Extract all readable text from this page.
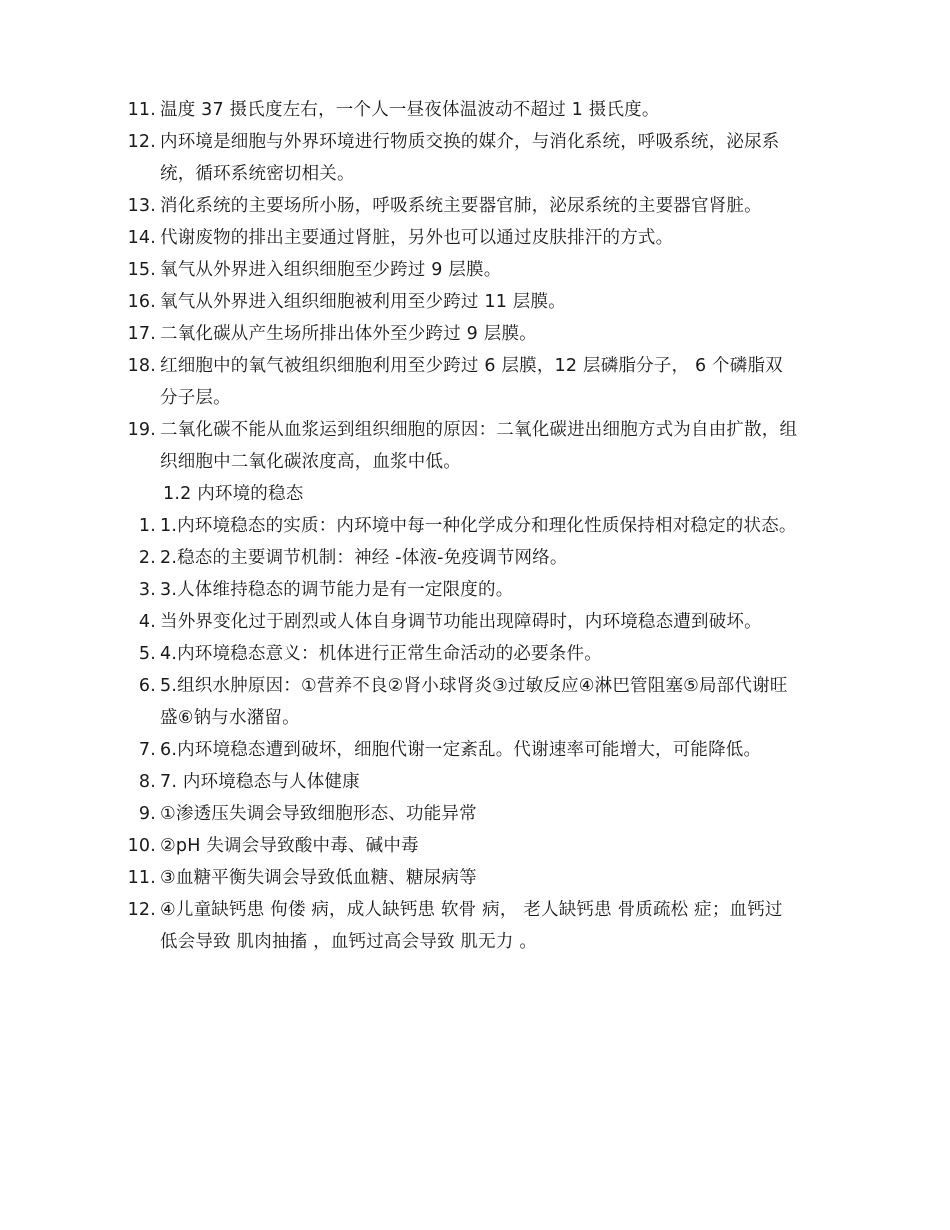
11. 温度 37 摄氏度左右，一个人一昼夜体温波动不超过 1 摄氏度。
12. 内环境是细胞与外界环境进行物质交换的媒介，与消化系统，呼吸系统，泌尿系统，循环系统密切相关。
13. 消化系统的主要场所小肠，呼吸系统主要器官肺，泌尿系统的主要器官肾脏。
14. 代谢废物的排出主要通过肾脏，另外也可以通过皮肤排汗的方式。
15. 氧气从外界进入组织细胞至少跨过 9 层膜。
16. 氧气从外界进入组织细胞被利用至少跨过 11 层膜。
17. 二氧化碳从产生场所排出体外至少跨过 9 层膜。
18. 红细胞中的氧气被组织细胞利用至少跨过 6 层膜，12 层磷脂分子， 6 个磷脂双分子层。
19. 二氧化碳不能从血浆运到组织细胞的原因：二氧化碳进出细胞方式为自由扩散，组织细胞中二氧化碳浓度高，血浆中低。
1.2 内环境的稳态
1. 1.内环境稳态的实质：内环境中每一种化学成分和理化性质保持相对稳定的状态。
2. 2.稳态的主要调节机制：神经 -体液-免疫调节网络。
3. 3.人体维持稳态的调节能力是有一定限度的。
4. 当外界变化过于剧烈或人体自身调节功能出现障碍时，内环境稳态遭到破坏。
5. 4.内环境稳态意义：机体进行正常生命活动的必要条件。
6. 5.组织水肿原因：①营养不良②肾小球肾炎③过敏反应④淋巴管阻塞⑤局部代谢旺盛⑥钠与水潴留。
7. 6.内环境稳态遭到破坏，细胞代谢一定紊乱。代谢速率可能增大，可能降低。
8. 7. 内环境稳态与人体健康
9. ①渗透压失调会导致细胞形态、功能异常
10. ②pH 失调会导致酸中毒、碱中毒
11. ③血糖平衡失调会导致低血糖、糖尿病等
12. ④儿童缺钙患 佝偻 病，成人缺钙患 软骨 病， 老人缺钙患 骨质疏松 症；血钙过低会导致 肌肉抽搐 ，血钙过高会导致 肌无力 。
